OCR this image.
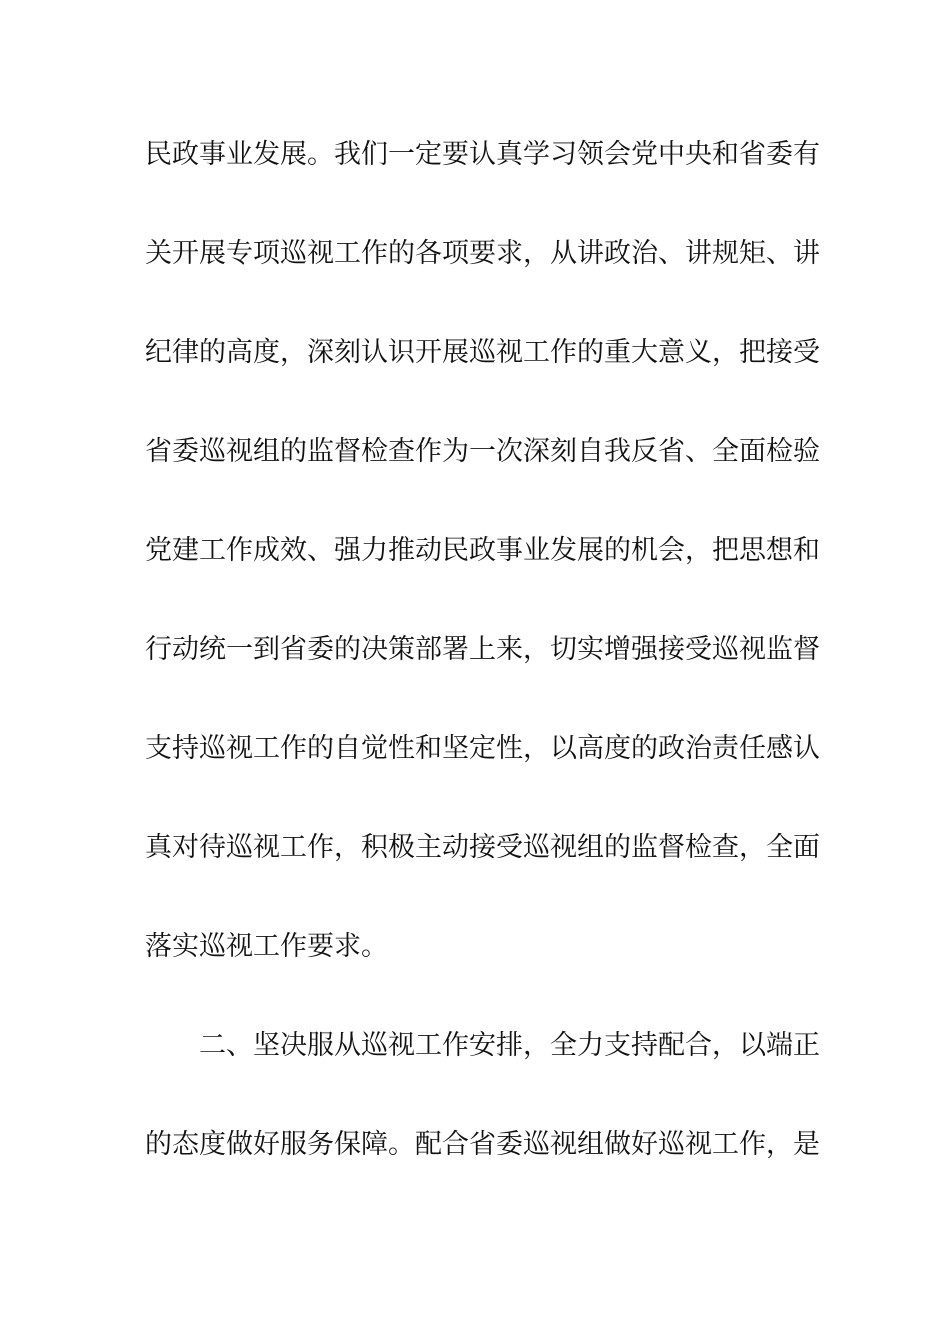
民政事业发展。我们一定要认真学习领会党中央和省委有
关开展专项巡视工作的各项要求，从讲政治、讲规矩、讲
纪律的高度，深刻认识开展巡视工作的重大意义，把接受
省委巡视组的监督检查作为一次深刻自我反省、全面检验
党建工作成效、强力推动民政事业发展的机会，把思想和
行动统一到省委的决策部署上来，切实增强接受巡视监督
支持巡视工作的自觉性和坚定性，以高度的政治责任感认
真对待巡视工作，积极主动接受巡视组的监督检查，全面
落实巡视工作要求。
二、坚决服从巡视工作安排，全力支持配合，以端正
的态度做好服务保障。配合省委巡视组做好巡视工作，是
